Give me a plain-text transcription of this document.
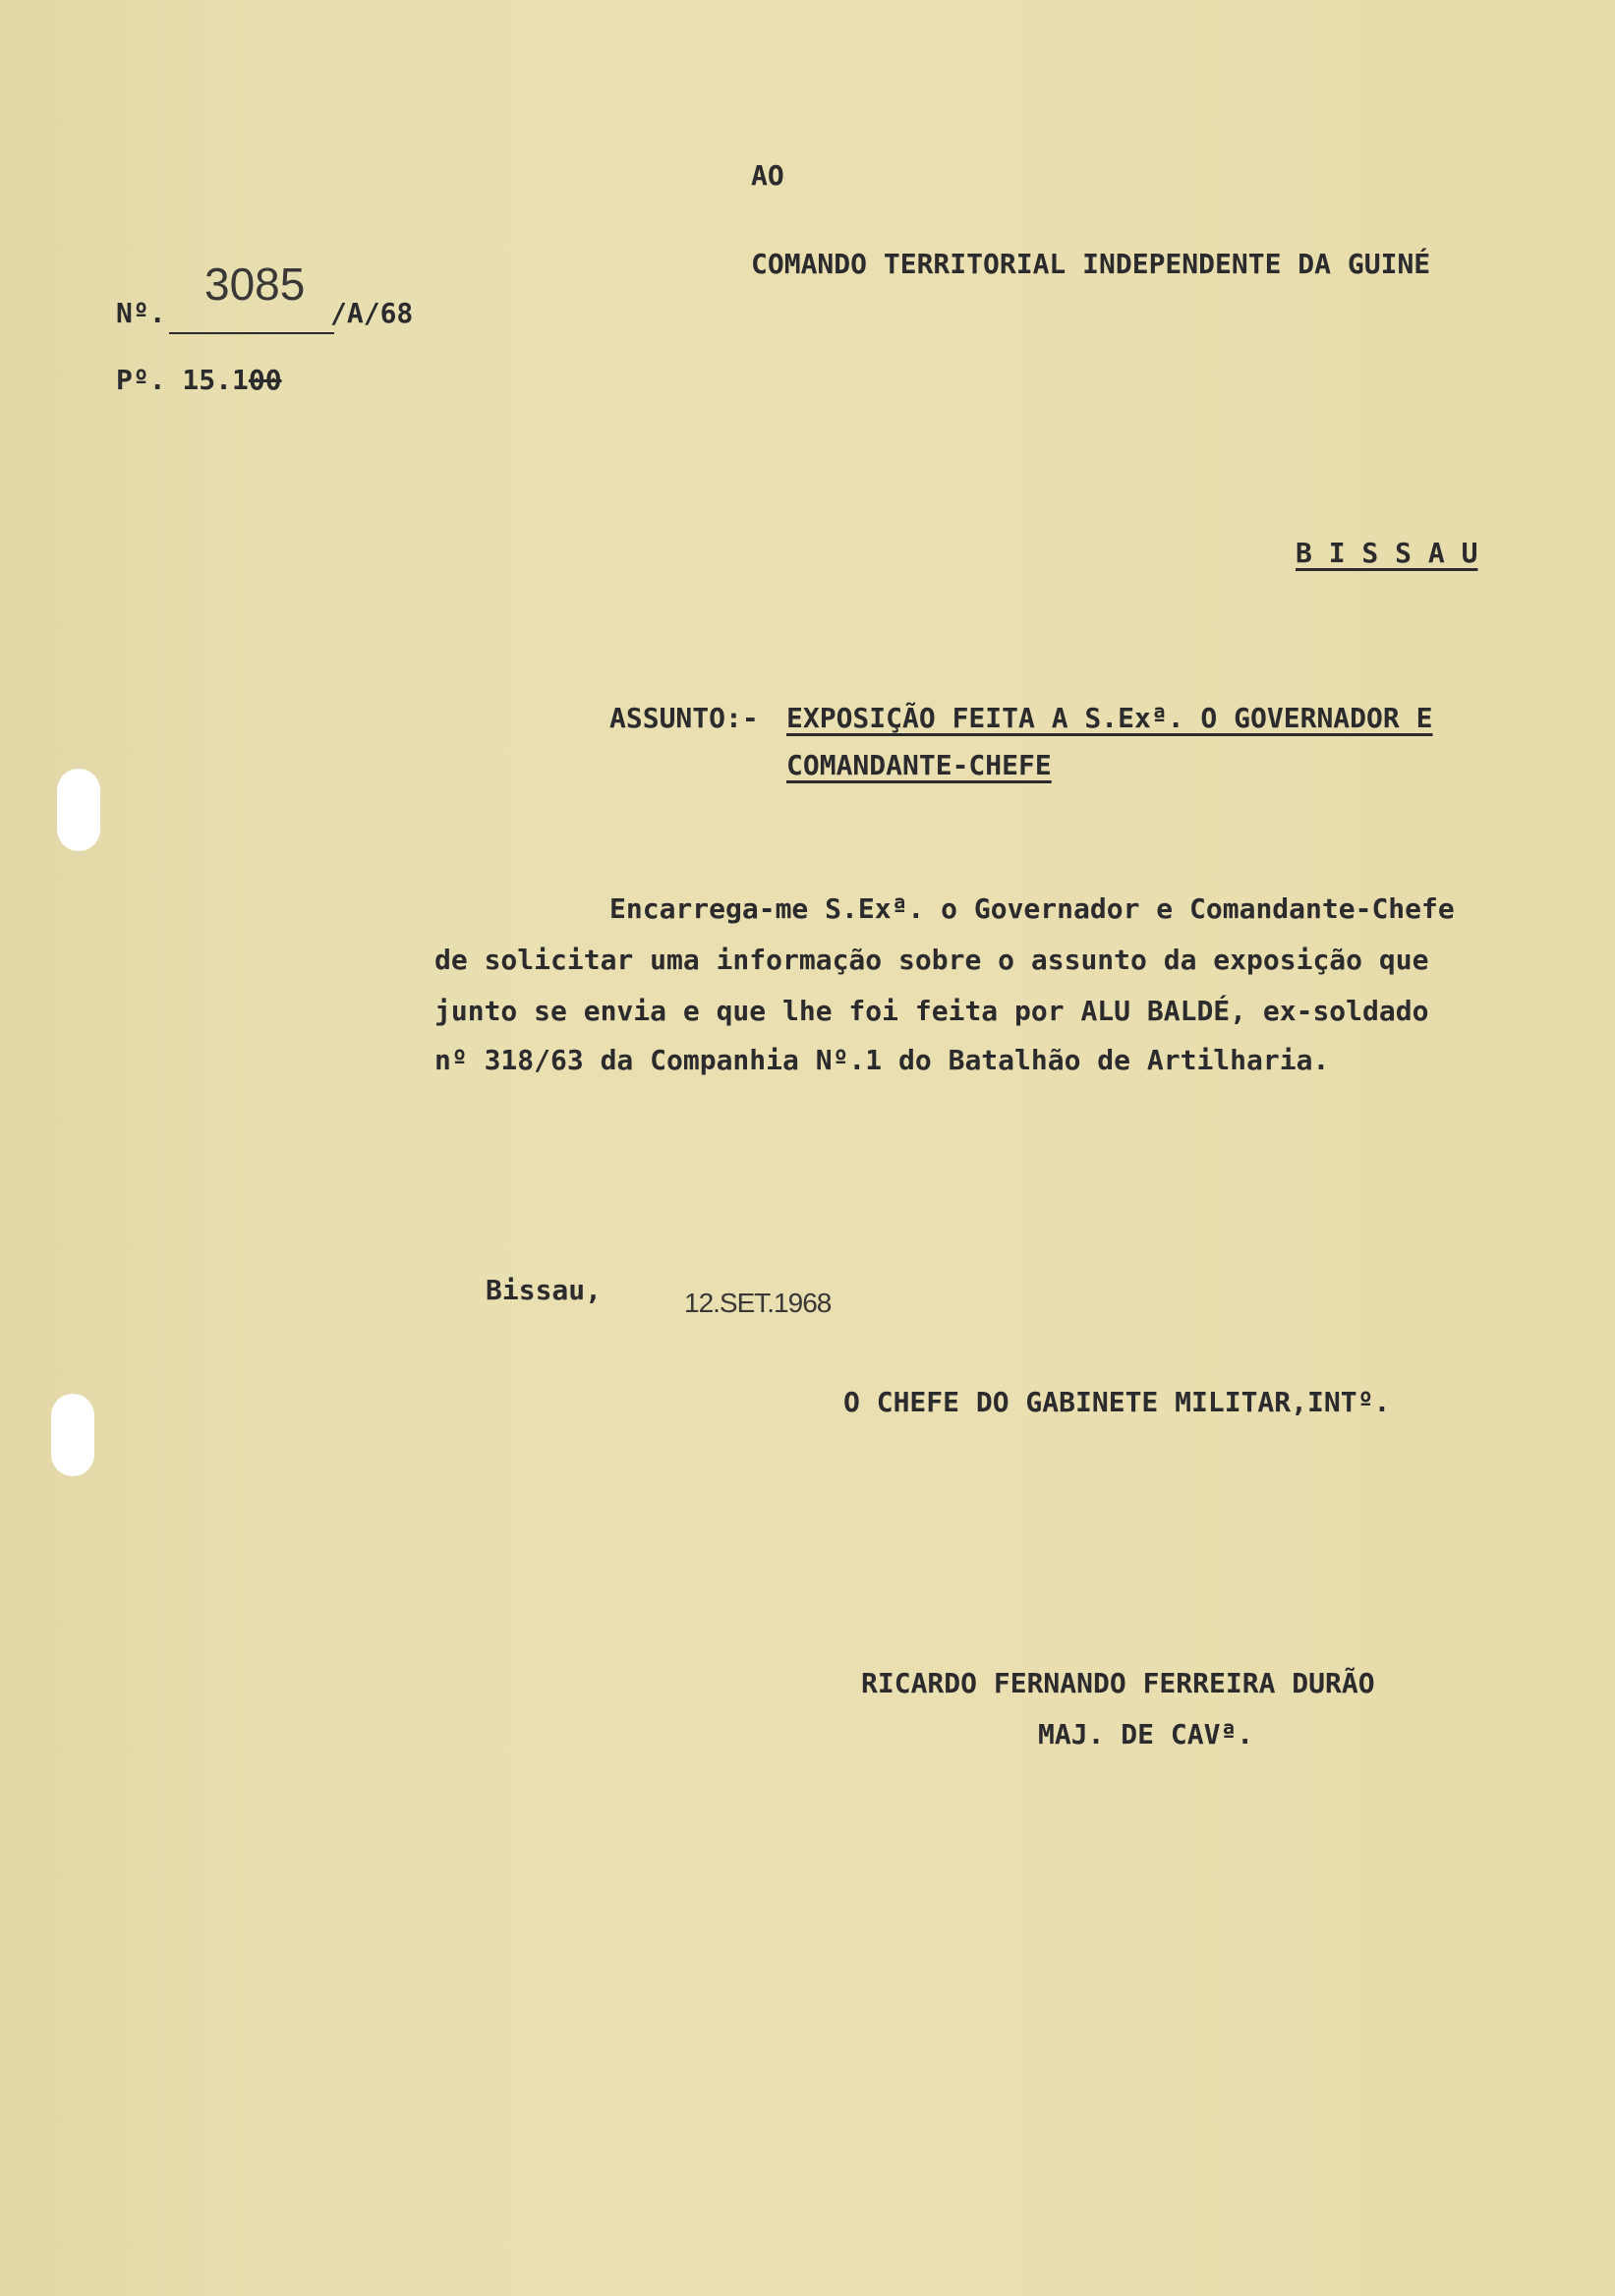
AO
COMANDO TERRITORIAL INDEPENDENTE DA GUINÉ
Nº.
3085
/A/68
Pº. 15.100
B I S S A U
ASSUNTO:- EXPOSIÇÃO FEITA A S.Exª. O GOVERNADOR E
COMANDANTE-CHEFE
Encarrega-me S.Exª. o Governador e Comandante-Chefe
de solicitar uma informação sobre o assunto da exposição que
junto se envia e que lhe foi feita por ALU BALDÉ, ex-soldado
nº 318/63 da Companhia Nº.1 do Batalhão de Artilharia.
Bissau,	12.SET.1968
O CHEFE DO GABINETE MILITAR,INTº.
RICARDO FERNANDO FERREIRA DURÃO
MAJ. DE CAVª.
